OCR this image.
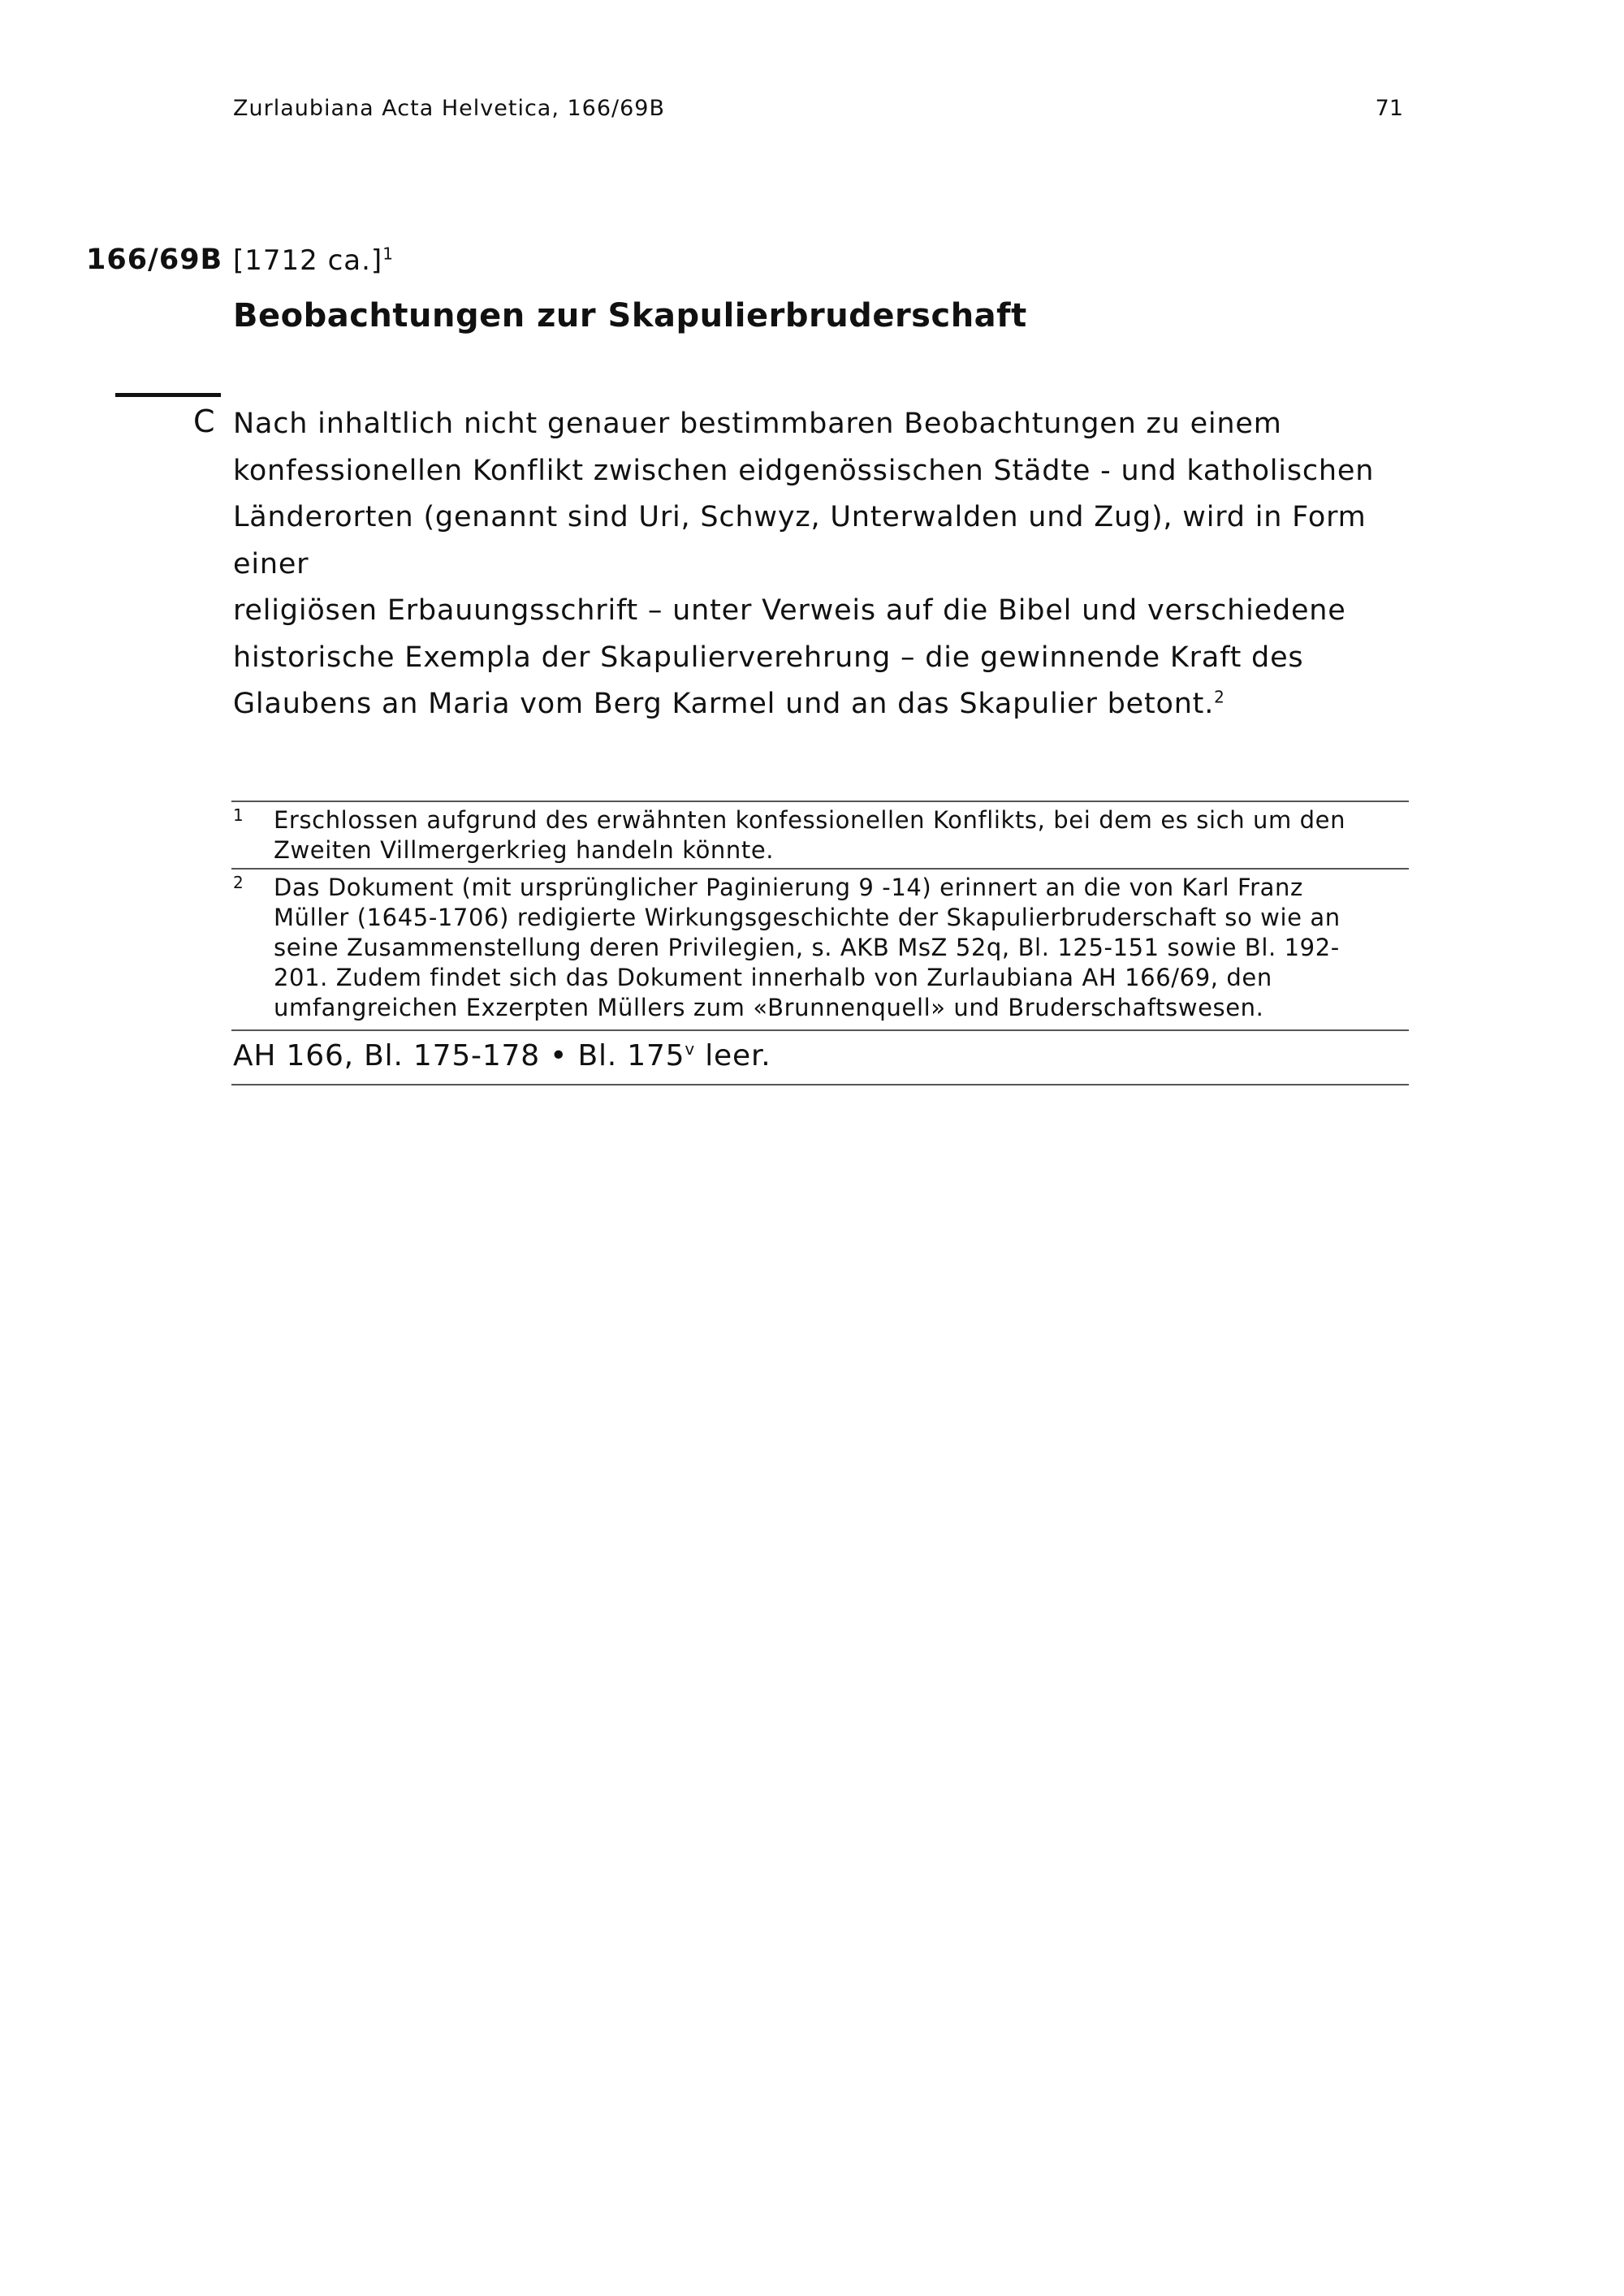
Zurlaubiana Acta Helvetica, 166/69B	71
166/69B [1712 ca.]$^1$
Beobachtungen zur Skapulierbruderschaft
C Nach inhaltlich nicht genauer bestimmbaren Beobachtungen zu einem
konfessionellen Konflikt zwischen eidgenössischen Städte - und katholischen
Länderorten (genannt sind Uri, Schwyz, Unterwalden und Zug), wird in Form
einer
religiösen Erbauungsschrift – unter Verweis auf die Bibel und verschiedene
historische Exempla der Skapulierverehrung – die gewinnende Kraft des
Glaubens an Maria vom Berg Karmel und an das Skapulier betont.$^2$
1 Erschlossen aufgrund des erwähnten konfessionellen Konflikts, bei dem es sich um den
Zweiten Villmergerkrieg handeln könnte.
2 Das Dokument (mit ursprünglicher Paginierung 9 -14) erinnert an die von Karl Franz
Müller (1645-1706) redigierte Wirkungsgeschichte der Skapulierbruderschaft so wie an
seine Zusammenstellung deren Privilegien, s. AKB MsZ 52q, Bl. 125-151 sowie Bl. 192-
201. Zudem findet sich das Dokument innerhalb von Zurlaubiana AH 166/69, den
umfangreichen Exzerpten Müllers zum «Brunnenquell» und Bruderschaftswesen.
AH 166, Bl. 175-178 • Bl. 175$^v$ leer.
